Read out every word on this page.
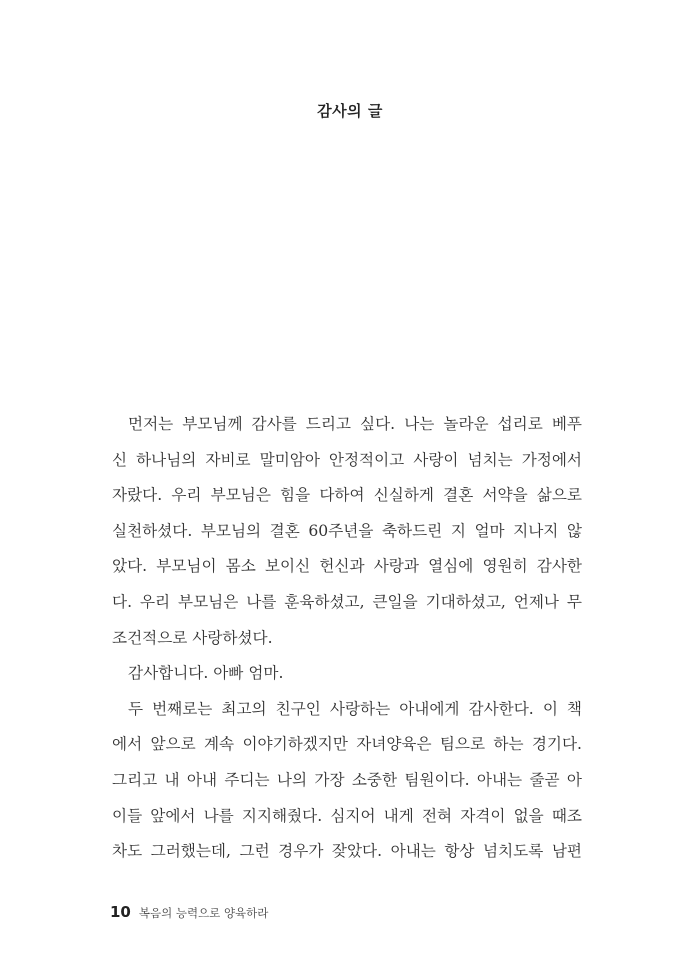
감사의 글
먼저는 부모님께 감사를 드리고 싶다. 나는 놀라운 섭리로 베푸
신 하나님의 자비로 말미암아 안정적이고 사랑이 넘치는 가정에서
자랐다. 우리 부모님은 힘을 다하여 신실하게 결혼 서약을 삶으로
실천하셨다. 부모님의 결혼 60주년을 축하드린 지 얼마 지나지 않
았다. 부모님이 몸소 보이신 헌신과 사랑과 열심에 영원히 감사한
다. 우리 부모님은 나를 훈육하셨고, 큰일을 기대하셨고, 언제나 무
조건적으로 사랑하셨다.
감사합니다. 아빠 엄마.
두 번째로는 최고의 친구인 사랑하는 아내에게 감사한다. 이 책
에서 앞으로 계속 이야기하겠지만 자녀양육은 팀으로 하는 경기다.
그리고 내 아내 주디는 나의 가장 소중한 팀원이다. 아내는 줄곧 아
이들 앞에서 나를 지지해줬다. 심지어 내게 전혀 자격이 없을 때조
차도 그러했는데, 그런 경우가 잦았다. 아내는 항상 넘치도록 남편
10 복음의 능력으로 양육하라
